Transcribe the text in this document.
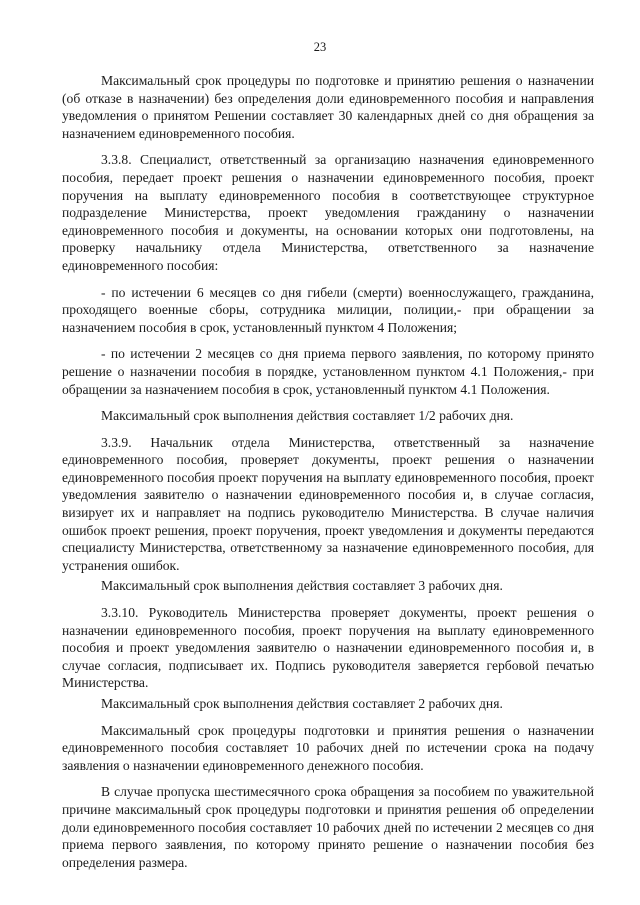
23

Максимальный срок процедуры по подготовке и принятию решения о назначении (об отказе в назначении) без определения доли единовременного пособия и направления уведомления о принятом Решении составляет 30 календарных дней со дня обращения за назначением единовременного пособия.

3.3.8. Специалист, ответственный за организацию назначения единовременного пособия, передает проект решения о назначении единовременного пособия, проект поручения на выплату единовременного пособия в соответствующее структурное подразделение Министерства, проект уведомления гражданину о назначении единовременного пособия и документы, на основании которых они подготовлены, на проверку начальнику отдела Министерства, ответственного за назначение единовременного пособия:

- по истечении 6 месяцев со дня гибели (смерти) военнослужащего, гражданина, проходящего военные сборы, сотрудника милиции, полиции,- при обращении за назначением пособия в срок, установленный пунктом 4 Положения;

- по истечении 2 месяцев со дня приема первого заявления, по которому принято решение о назначении пособия в порядке, установленном пунктом 4.1 Положения,- при обращении за назначением пособия в срок, установленный пунктом 4.1 Положения.

Максимальный срок выполнения действия составляет 1/2 рабочих дня.

3.3.9. Начальник отдела Министерства, ответственный за назначение единовременного пособия, проверяет документы, проект решения о назначении единовременного пособия проект поручения на выплату единовременного пособия, проект уведомления заявителю о назначении единовременного пособия и, в случае согласия, визирует их и направляет на подпись руководителю Министерства. В случае наличия ошибок проект решения, проект поручения, проект уведомления и документы передаются специалисту Министерства, ответственному за назначение единовременного пособия, для устранения ошибок.

Максимальный срок выполнения действия составляет 3 рабочих дня.

3.3.10. Руководитель Министерства проверяет документы, проект решения о назначении единовременного пособия, проект поручения на выплату единовременного пособия и проект уведомления заявителю о назначении единовременного пособия и, в случае согласия, подписывает их. Подпись руководителя заверяется гербовой печатью Министерства.

Максимальный срок выполнения действия составляет 2 рабочих дня.

Максимальный срок процедуры подготовки и принятия решения о назначении единовременного пособия составляет 10 рабочих дней по истечении срока на подачу заявления о назначении единовременного денежного пособия.

В случае пропуска шестимесячного срока обращения за пособием по уважительной причине максимальный срок процедуры подготовки и принятия решения об определении доли единовременного пособия составляет 10 рабочих дней по истечении 2 месяцев со дня приема первого заявления, по которому принято решение о назначении пособия без определения размера.
